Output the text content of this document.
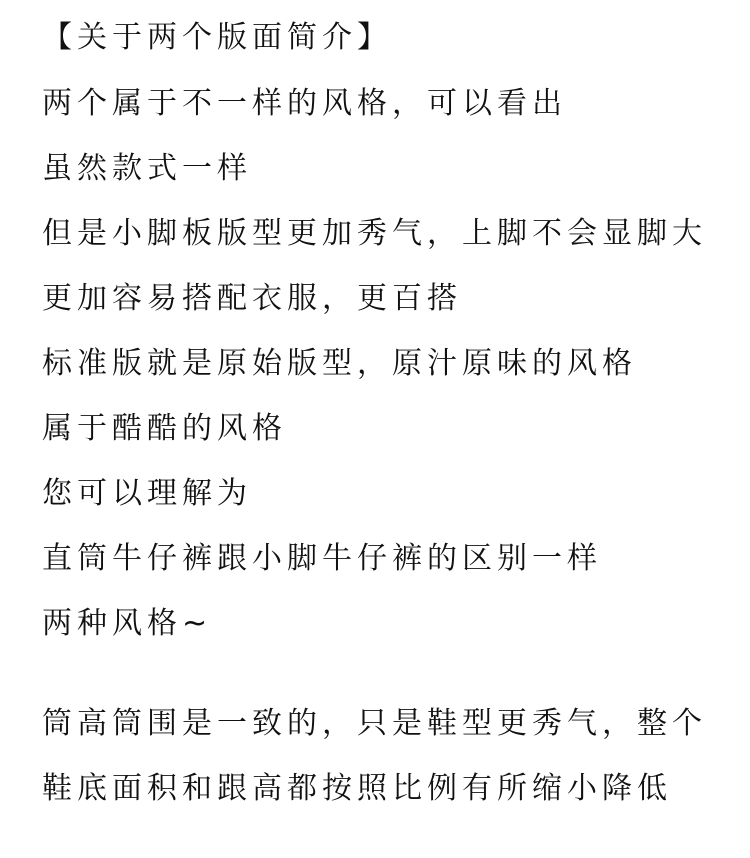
【关于两个版面简介】
两个属于不一样的风格，可以看出
虽然款式一样
但是小脚板版型更加秀气，上脚不会显脚大
更加容易搭配衣服，更百搭
标准版就是原始版型，原汁原味的风格
属于酷酷的风格
您可以理解为
直筒牛仔裤跟小脚牛仔裤的区别一样
两种风格~
筒高筒围是一致的，只是鞋型更秀气，整个
鞋底面积和跟高都按照比例有所缩小降低
